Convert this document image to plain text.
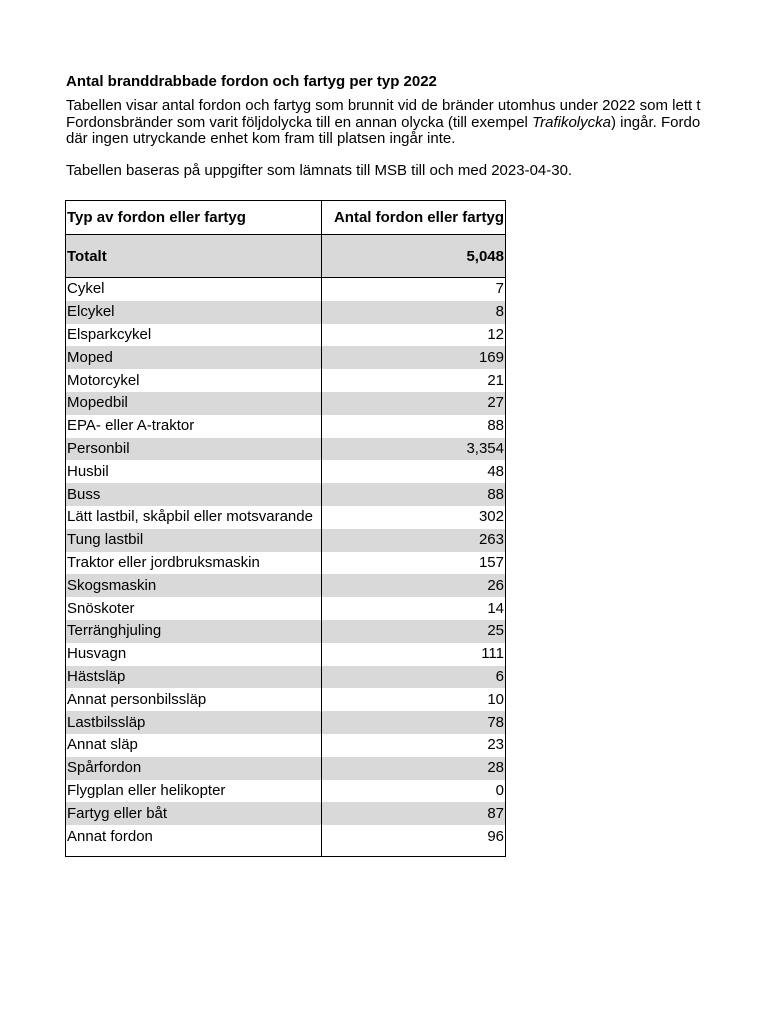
Antal branddrabbade fordon och fartyg per typ 2022
Tabellen visar antal fordon och fartyg som brunnit vid de bränder utomhus under 2022 som lett t
Fordonsbränder som varit följdolycka till en annan olycka (till exempel Trafikolycka) ingår. Fordo
där ingen utryckande enhet kom fram till platsen ingår inte.
Tabellen baseras på uppgifter som lämnats till MSB till och med 2023-04-30.
Typ av fordon eller fartyg	Antal fordon eller fartyg
Totalt	5,048
Cykel	7
Elcykel	8
Elsparkcykel	12
Moped	169
Motorcykel	21
Mopedbil	27
EPA- eller A-traktor	88
Personbil	3,354
Husbil	48
Buss	88
Lätt lastbil, skåpbil eller motsvarande	302
Tung lastbil	263
Traktor eller jordbruksmaskin	157
Skogsmaskin	26
Snöskoter	14
Terränghjuling	25
Husvagn	111
Hästsläp	6
Annat personbilssläp	10
Lastbilssläp	78
Annat släp	23
Spårfordon	28
Flygplan eller helikopter	0
Fartyg eller båt	87
Annat fordon	96
